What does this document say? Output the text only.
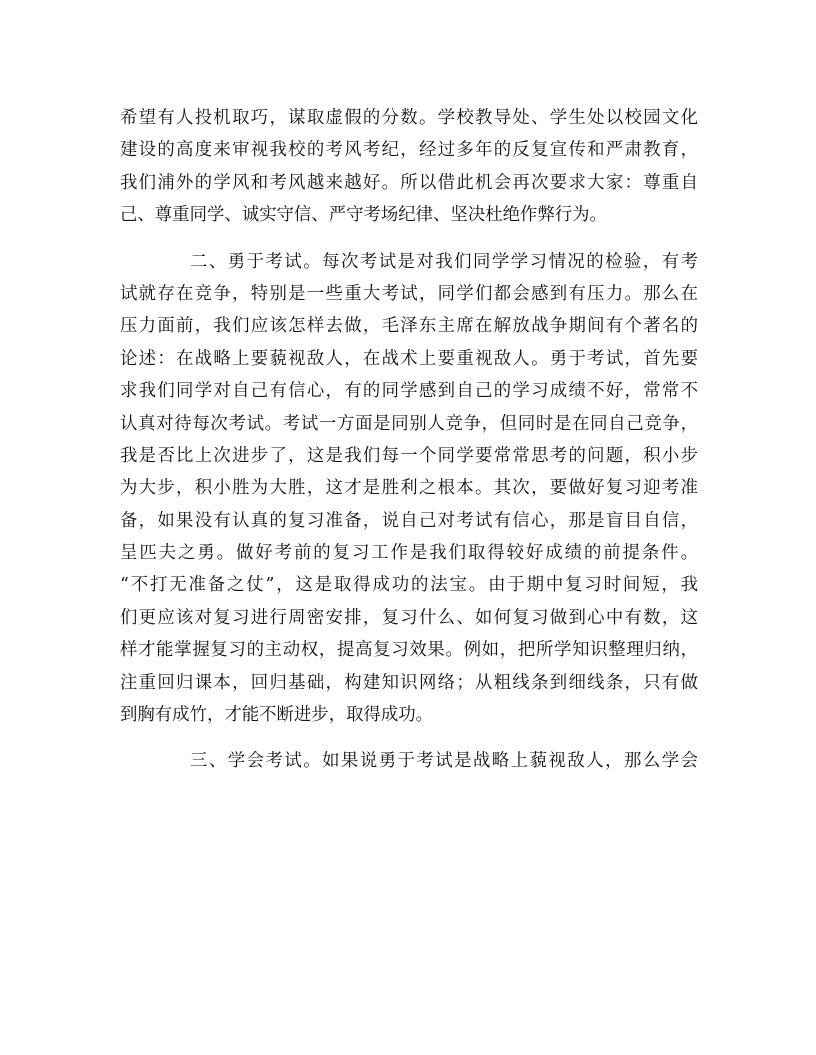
希望有人投机取巧，谋取虚假的分数。学校教导处、学生处以校园文化
建设的高度来审视我校的考风考纪，经过多年的反复宣传和严肃教育，
我们浦外的学风和考风越来越好。所以借此机会再次要求大家：尊重自
己、尊重同学、诚实守信、严守考场纪律、坚决杜绝作弊行为。
二、勇于考试。每次考试是对我们同学学习情况的检验，有考
试就存在竞争，特别是一些重大考试，同学们都会感到有压力。那么在
压力面前，我们应该怎样去做，毛泽东主席在解放战争期间有个著名的
论述：在战略上要藐视敌人，在战术上要重视敌人。勇于考试，首先要
求我们同学对自己有信心，有的同学感到自己的学习成绩不好，常常不
认真对待每次考试。考试一方面是同别人竞争，但同时是在同自己竞争，
我是否比上次进步了，这是我们每一个同学要常常思考的问题，积小步
为大步，积小胜为大胜，这才是胜利之根本。其次，要做好复习迎考准
备，如果没有认真的复习准备，说自己对考试有信心，那是盲目自信，
呈匹夫之勇。做好考前的复习工作是我们取得较好成绩的前提条件。
“不打无准备之仗”，这是取得成功的法宝。由于期中复习时间短，我
们更应该对复习进行周密安排，复习什么、如何复习做到心中有数，这
样才能掌握复习的主动权，提高复习效果。例如，把所学知识整理归纳，
注重回归课本，回归基础，构建知识网络；从粗线条到细线条，只有做
到胸有成竹，才能不断进步，取得成功。
三、学会考试。如果说勇于考试是战略上藐视敌人，那么学会
